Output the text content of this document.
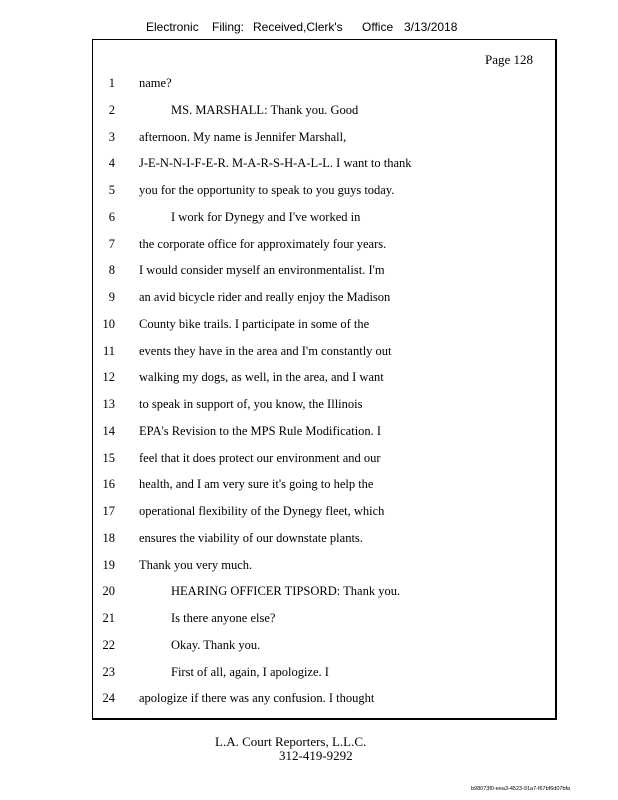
Electronic Filing: Received,Clerk's Office 3/13/2018
Page 128
1 name?
2	MS. MARSHALL: Thank you. Good
3 afternoon. My name is Jennifer Marshall,
4 J-E-N-N-I-F-E-R. M-A-R-S-H-A-L-L. I want to thank
5 you for the opportunity to speak to you guys today.
6	I work for Dynegy and I've worked in
7 the corporate office for approximately four years.
8 I would consider myself an environmentalist. I'm
9 an avid bicycle rider and really enjoy the Madison
10 County bike trails. I participate in some of the
11 events they have in the area and I'm constantly out
12 walking my dogs, as well, in the area, and I want
13 to speak in support of, you know, the Illinois
14 EPA's Revision to the MPS Rule Modification. I
15 feel that it does protect our environment and our
16 health, and I am very sure it's going to help the
17 operational flexibility of the Dynegy fleet, which
18 ensures the viability of our downstate plants.
19 Thank you very much.
20	HEARING OFFICER TIPSORD: Thank you.
21	Is there anyone else?
22	Okay. Thank you.
23	First of all, again, I apologize. I
24 apologize if there was any confusion. I thought
L.A. Court Reporters, L.L.C.
312-419-9292
b98073f0-eea3-4523-91a7-f67bf6d07bfa
